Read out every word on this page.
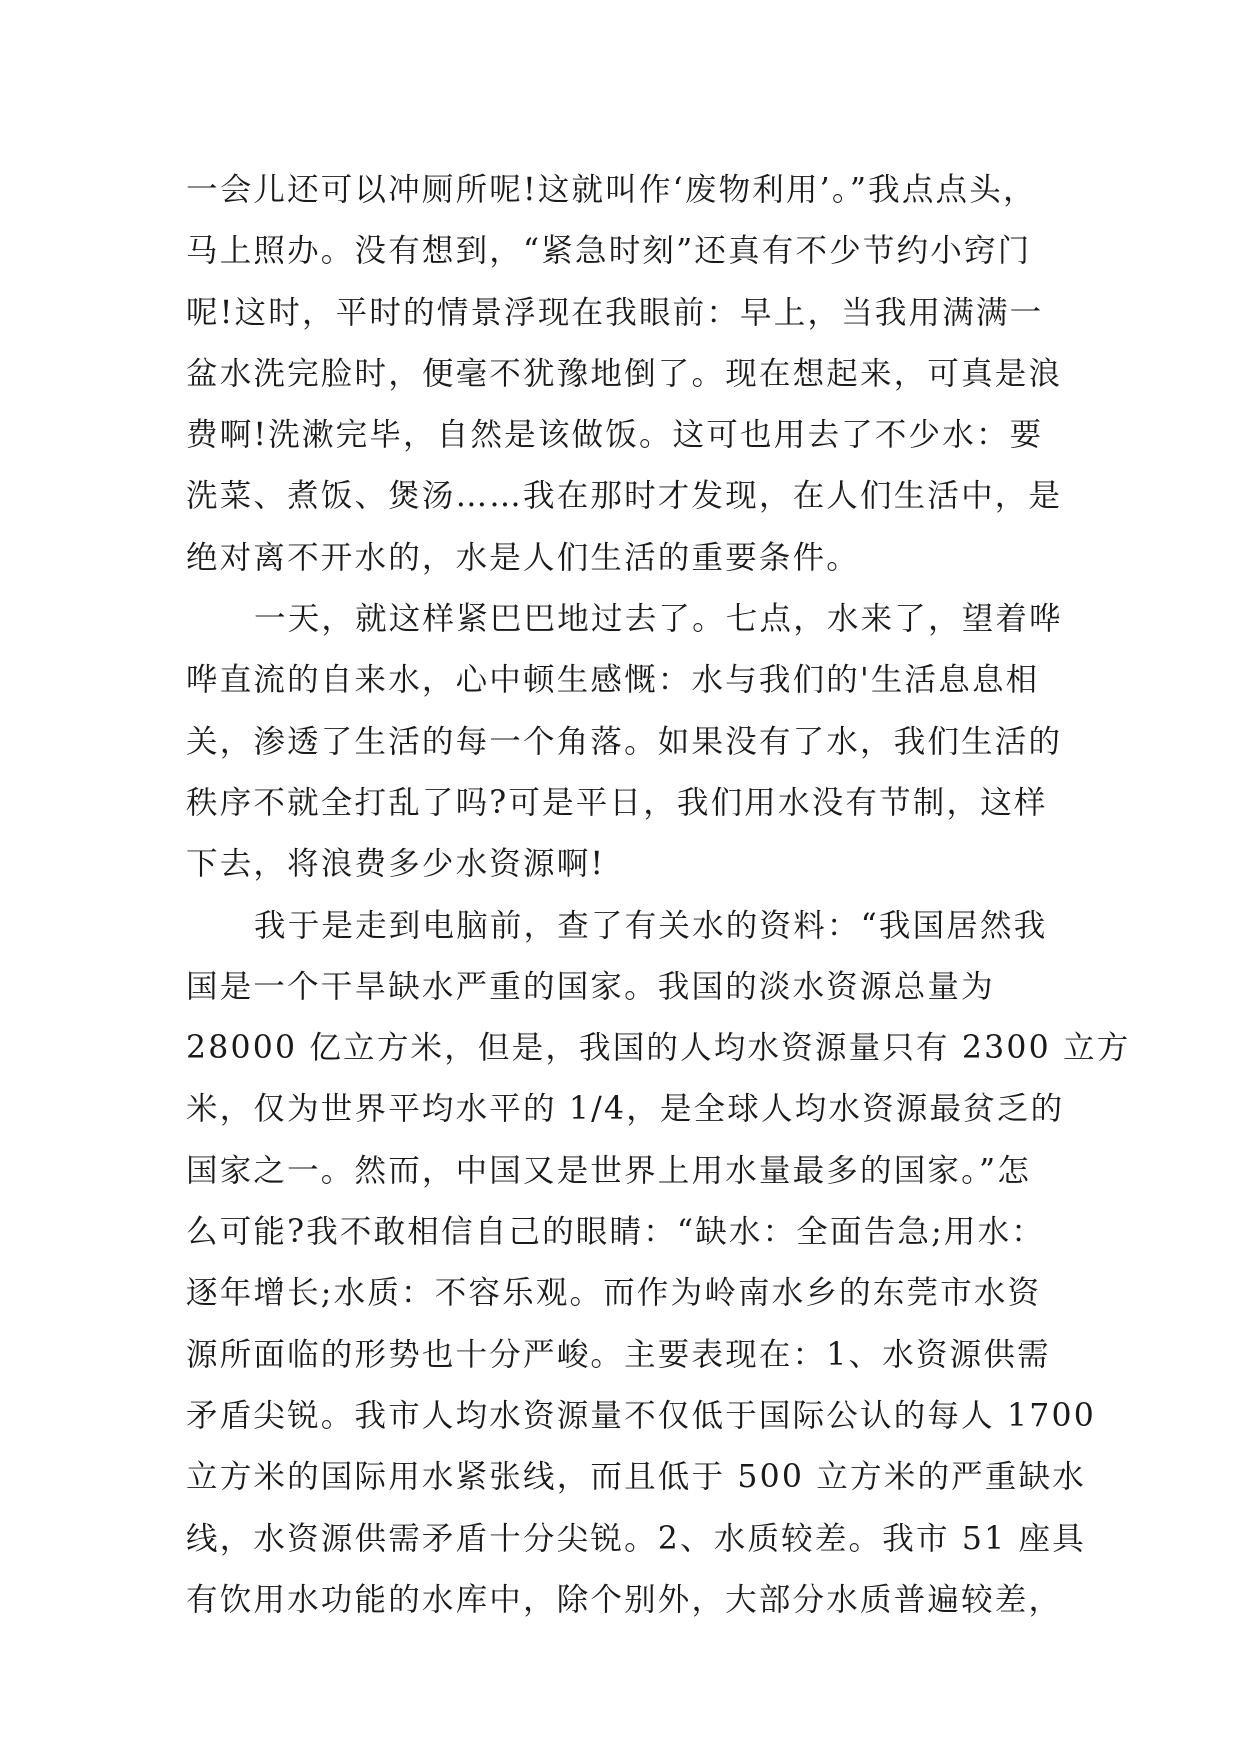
一会儿还可以冲厕所呢!这就叫作‘废物利用’。”我点点头，
马上照办。没有想到，“紧急时刻”还真有不少节约小窍门
呢!这时，平时的情景浮现在我眼前：早上，当我用满满一
盆水洗完脸时，便毫不犹豫地倒了。现在想起来，可真是浪
费啊!洗漱完毕，自然是该做饭。这可也用去了不少水：要
洗菜、煮饭、煲汤……我在那时才发现，在人们生活中，是
绝对离不开水的，水是人们生活的重要条件。
一天，就这样紧巴巴地过去了。七点，水来了，望着哗
哗直流的自来水，心中顿生感慨：水与我们的'生活息息相
关，渗透了生活的每一个角落。如果没有了水，我们生活的
秩序不就全打乱了吗?可是平日，我们用水没有节制，这样
下去，将浪费多少水资源啊!
我于是走到电脑前，查了有关水的资料：“我国居然我
国是一个干旱缺水严重的国家。我国的淡水资源总量为
28000 亿立方米，但是，我国的人均水资源量只有 2300 立方
米，仅为世界平均水平的 1/4，是全球人均水资源最贫乏的
国家之一。然而，中国又是世界上用水量最多的国家。”怎
么可能?我不敢相信自己的眼睛：“缺水：全面告急;用水：
逐年增长;水质：不容乐观。而作为岭南水乡的东莞市水资
源所面临的形势也十分严峻。主要表现在：1、水资源供需
矛盾尖锐。我市人均水资源量不仅低于国际公认的每人 1700
立方米的国际用水紧张线，而且低于 500 立方米的严重缺水
线，水资源供需矛盾十分尖锐。2、水质较差。我市 51 座具
有饮用水功能的水库中，除个别外，大部分水质普遍较差，
